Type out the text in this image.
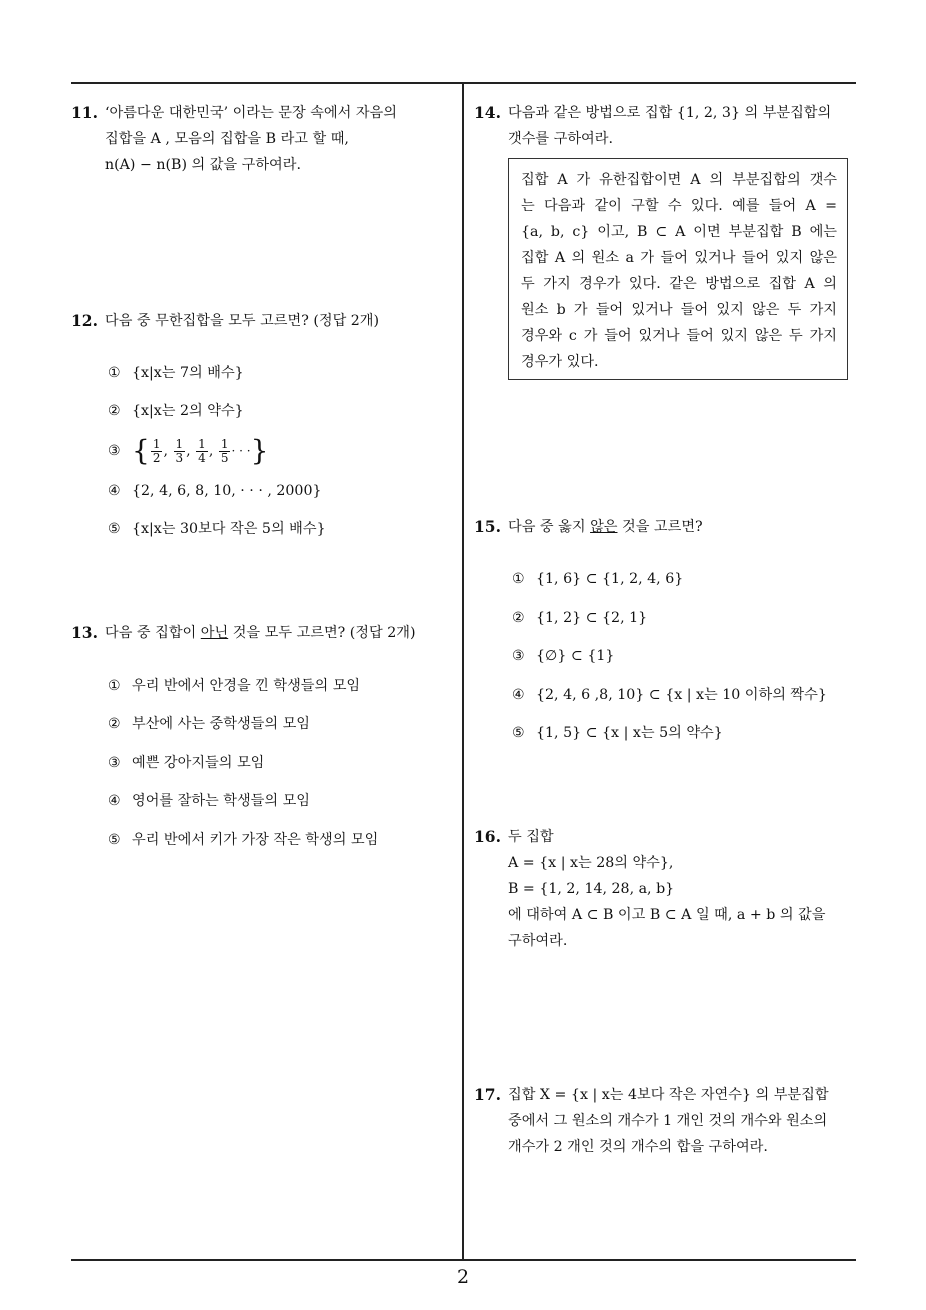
11. ‘아름다운 대한민국’ 이라는 문장 속에서 자음의
집합을 A , 모음의 집합을 B 라고 할 때,
n(A) − n(B) 의 값을 구하여라.
12. 다음 중 무한집합을 모두 고르면? (정답 2개)
① {x|x는 7의 배수}
② {x|x는 2의 약수}
③ { $\frac{1}{2}$ , $\frac{1}{3}$ , $\frac{1}{4}$ , $\frac{1}{5}$ · · ·}
④ {2, 4, 6, 8, 10, · · · , 2000}
⑤ {x|x는 30보다 작은 5의 배수}
13. 다음 중 집합이 아닌 것을 모두 고르면? (정답 2개)
① 우리 반에서 안경을 낀 학생들의 모임
② 부산에 사는 중학생들의 모임
③ 예쁜 강아지들의 모임
④ 영어를 잘하는 학생들의 모임
⑤ 우리 반에서 키가 가장 작은 학생의 모임
14. 다음과 같은 방법으로 집합 {1, 2, 3} 의 부분집합의
갯수를 구하여라.
집합 A 가 유한집합이면 A 의 부분집합의 갯수
는 다음과 같이 구할 수 있다. 예를 들어 A =
{a, b, c} 이고, B ⊂ A 이면 부분집합 B 에는
집합 A 의 원소 a 가 들어 있거나 들어 있지 않은
두 가지 경우가 있다. 같은 방법으로 집합 A 의
원소 b 가 들어 있거나 들어 있지 않은 두 가지
경우와 c 가 들어 있거나 들어 있지 않은 두 가지
경우가 있다.
15. 다음 중 옳지 않은 것을 고르면?
① {1, 6} ⊂ {1, 2, 4, 6}
② {1, 2} ⊂ {2, 1}
③ {∅} ⊂ {1}
④ {2, 4, 6 ,8, 10} ⊂ {x | x는 10 이하의 짝수}
⑤ {1, 5} ⊂ {x | x는 5의 약수}
16. 두 집합
A = {x | x는 28의 약수},
B = {1, 2, 14, 28, a, b}
에 대하여 A ⊂ B 이고 B ⊂ A 일 때, a + b 의 값을
구하여라.
17. 집합 X = {x | x는 4보다 작은 자연수} 의 부분집합
중에서 그 원소의 개수가 1 개인 것의 개수와 원소의
개수가 2 개인 것의 개수의 합을 구하여라.
2
